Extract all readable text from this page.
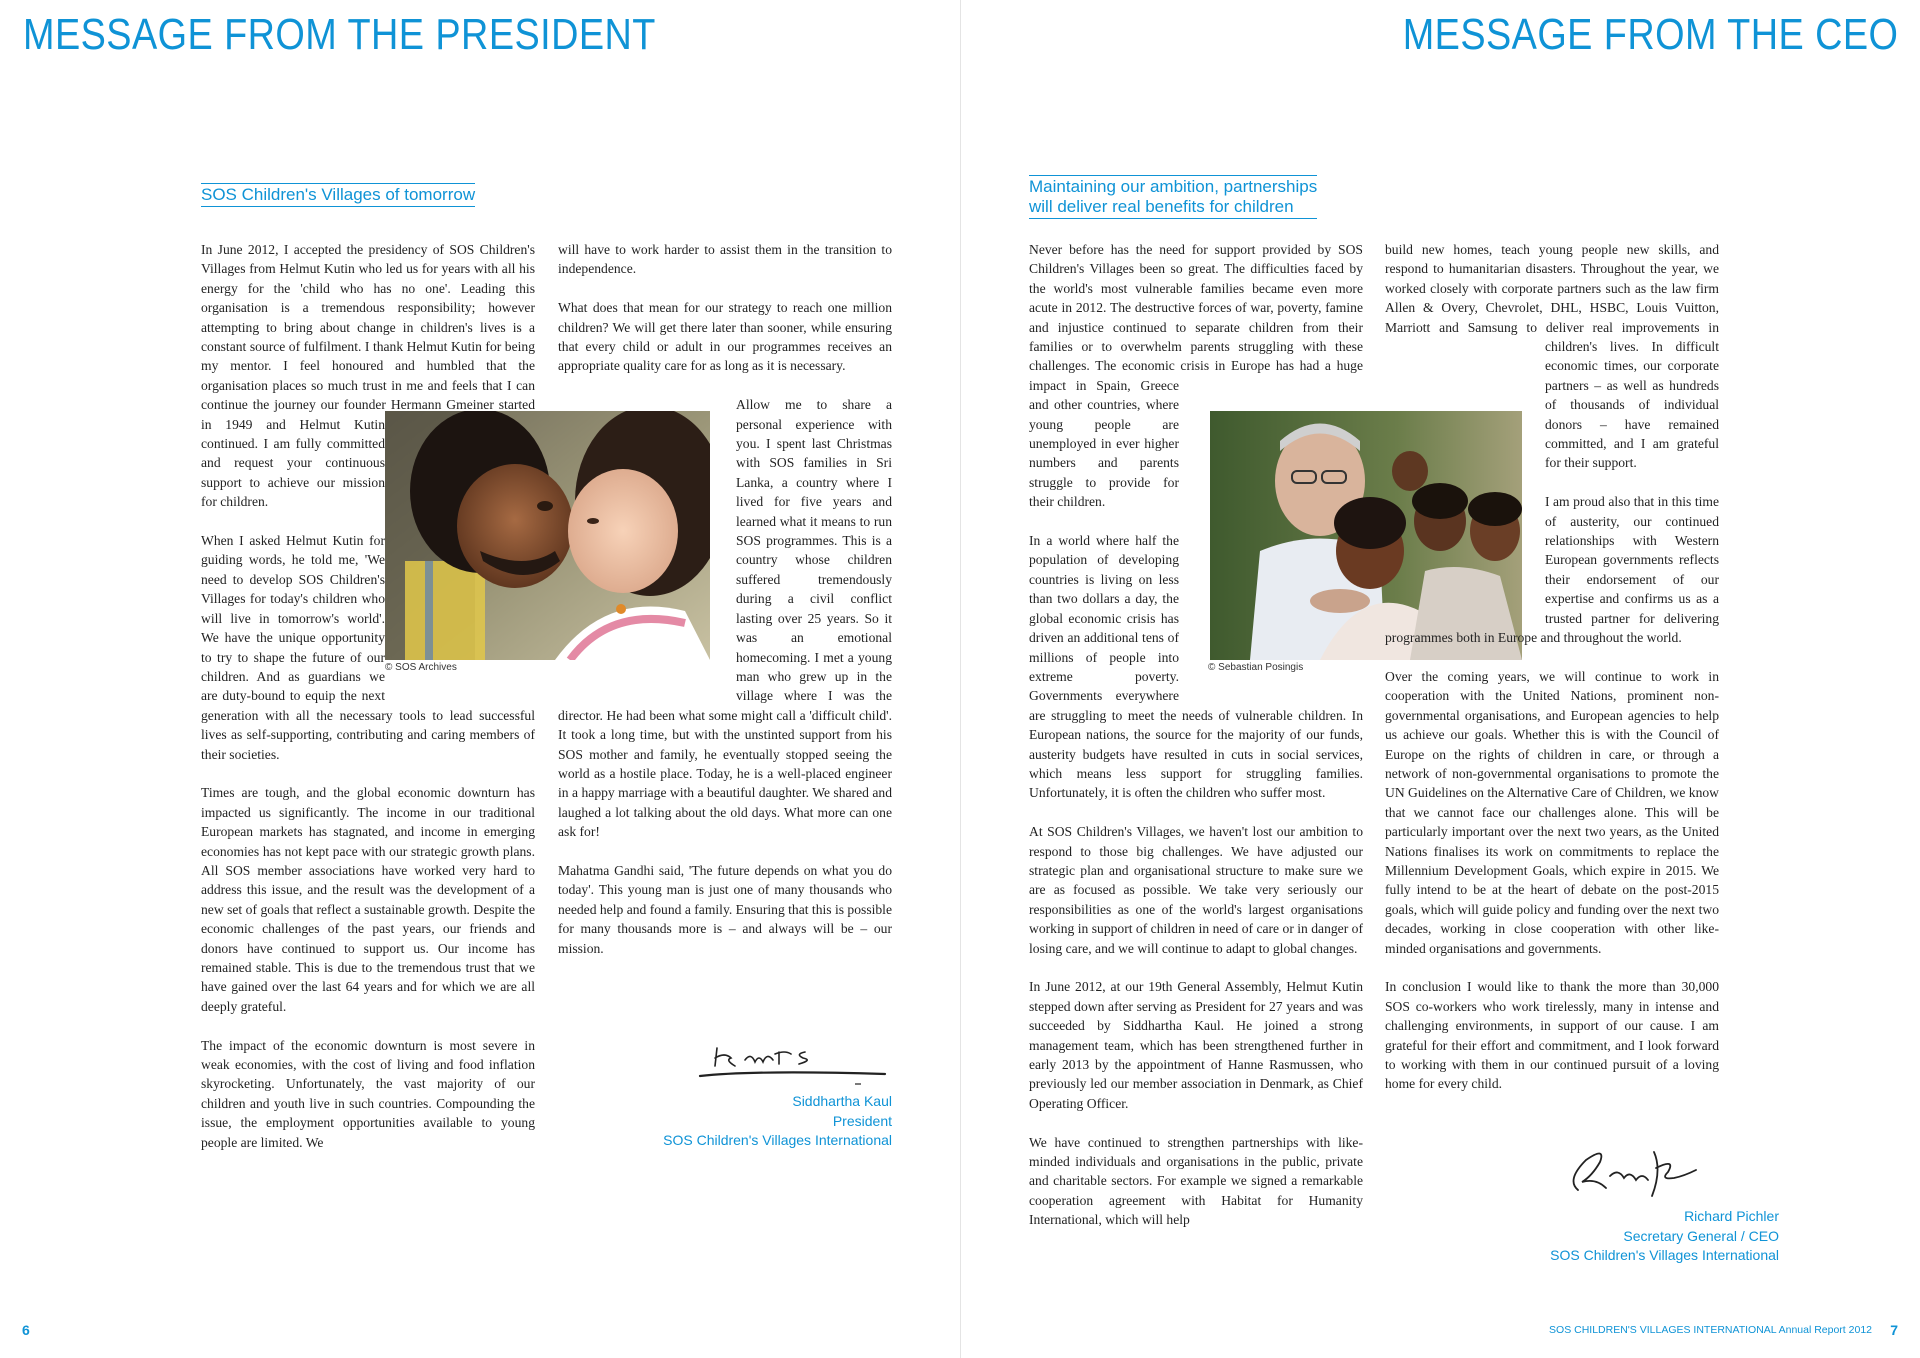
MESSAGE FROM THE PRESIDENT
SOS Children's Villages of tomorrow
© SOS Archives

In June 2012, I accepted the presidency of SOS Children's Villages from Helmut Kutin who led us for years with all his energy for the 'child who has no one'. Leading this organisation is a tremendous responsibility; however attempting to bring about change in children's lives is a constant source of fulfilment. I thank Helmut Kutin for being my mentor. I feel honoured and humbled that the organisation places so much trust in me and feels that I can continue the journey our founder Hermann Gmeiner started in 1949 and Helmut Kutin continued. I am fully committed and request your continuous support to achieve our mission for children.

When I asked Helmut Kutin for guiding words, he told me, 'We need to develop SOS Children's Villages for today's children who will live in tomorrow's world'. We have the unique opportunity to try to shape the future of our children. And as guardians we are duty-bound to equip the next generation with all the necessary tools to lead successful lives as self-supporting, contributing and caring members of their societies.

Times are tough, and the global economic downturn has impacted us significantly. The income in our traditional European markets has stagnated, and income in emerging economies has not kept pace with our strategic growth plans. All SOS member associations have worked very hard to address this issue, and the result was the development of a new set of goals that reflect a sustainable growth. Despite the economic challenges of the past years, our friends and donors have continued to support us. Our income has remained stable. This is due to the tremendous trust that we have gained over the last 64 years and for which we are all deeply grateful.

The impact of the economic downturn is most severe in weak economies, with the cost of living and food inflation skyrocketing. Unfortunately, the vast majority of our children and youth live in such countries. Compounding the issue, the employment opportunities available to young people are limited. We

will have to work harder to assist them in the transition to independence.

What does that mean for our strategy to reach one million children? We will get there later than sooner, while ensuring that every child or adult in our programmes receives an appropriate quality care for as long as it is necessary.

Allow me to share a personal experience with you. I spent last Christmas with SOS families in Sri Lanka, a country where I lived for five years and learned what it means to run SOS programmes. This is a country whose children suffered tremendously during a civil conflict lasting over 25 years. So it was an emotional homecoming. I met a young man who grew up in the village where I was the director. He had been what some might call a 'difficult child'. It took a long time, but with the unstinted support from his SOS mother and family, he eventually stopped seeing the world as a hostile place. Today, he is a well-placed engineer in a happy marriage with a beautiful daughter. We shared and laughed a lot talking about the old days. What more can one ask for!

Mahatma Gandhi said, 'The future depends on what you do today'. This young man is just one of many thousands who needed help and found a family. Ensuring that this is possible for many thousands more is – and always will be – our mission.

Siddhartha Kaul
President
SOS Children's Villages International
6
MESSAGE FROM THE CEO
Maintaining our ambition, partnerships
will deliver real benefits for children
© Sebastian Posingis

Never before has the need for support provided by SOS Children's Villages been so great. The difficulties faced by the world's most vulnerable families became even more acute in 2012. The destructive forces of war, poverty, famine and injustice continued to separate children from their families or to overwhelm parents struggling with these challenges. The economic crisis in Europe has had a huge impact in Spain, Greece and other countries, where young people are unemployed in ever higher numbers and parents struggle to provide for their children.

In a world where half the population of developing countries is living on less than two dollars a day, the global economic crisis has driven an additional tens of millions of people into extreme poverty. Governments everywhere are struggling to meet the needs of vulnerable children. In European nations, the source for the majority of our funds, austerity budgets have resulted in cuts in social services, which means less support for struggling families. Unfortunately, it is often the children who suffer most.

At SOS Children's Villages, we haven't lost our ambition to respond to those big challenges. We have adjusted our strategic plan and organisational structure to make sure we are as focused as possible. We take very seriously our responsibilities as one of the world's largest organisations working in support of children in need of care or in danger of losing care, and we will continue to adapt to global changes.

In June 2012, at our 19th General Assembly, Helmut Kutin stepped down after serving as President for 27 years and was succeeded by Siddhartha Kaul. He joined a strong management team, which has been strengthened further in early 2013 by the appointment of Hanne Rasmussen, who previously led our member association in Denmark, as Chief Operating Officer.

We have continued to strengthen partnerships with like-minded individuals and organisations in the public, private and charitable sectors. For example we signed a remarkable cooperation agreement with Habitat for Humanity International, which will help

build new homes, teach young people new skills, and respond to humanitarian disasters. Throughout the year, we worked closely with corporate partners such as the law firm Allen & Overy, Chevrolet, DHL, HSBC, Louis Vuitton, Marriott and Samsung to deliver real improvements in children's lives. In difficult economic times, our corporate partners – as well as hundreds of thousands of individual donors – have remained committed, and I am grateful for their support.

I am proud also that in this time of austerity, our continued relationships with Western European governments reflects their endorsement of our expertise and confirms us as a trusted partner for delivering programmes both in Europe and throughout the world.

Over the coming years, we will continue to work in cooperation with the United Nations, prominent non-governmental organisations, and European agencies to help us achieve our goals. Whether this is with the Council of Europe on the rights of children in care, or through a network of non-governmental organisations to promote the UN Guidelines on the Alternative Care of Children, we know that we cannot face our challenges alone. This will be particularly important over the next two years, as the United Nations finalises its work on commitments to replace the Millennium Development Goals, which expire in 2015. We fully intend to be at the heart of debate on the post-2015 goals, which will guide policy and funding over the next two decades, working in close cooperation with other like-minded organisations and governments.

In conclusion I would like to thank the more than 30,000 SOS co-workers who work tirelessly, many in intense and challenging environments, in support of our cause. I am grateful for their effort and commitment, and I look forward to working with them in our continued pursuit of a loving home for every child.

Richard Pichler
Secretary General / CEO
SOS Children's Villages International
SOS CHILDREN'S VILLAGES INTERNATIONAL Annual Report 2012 7
